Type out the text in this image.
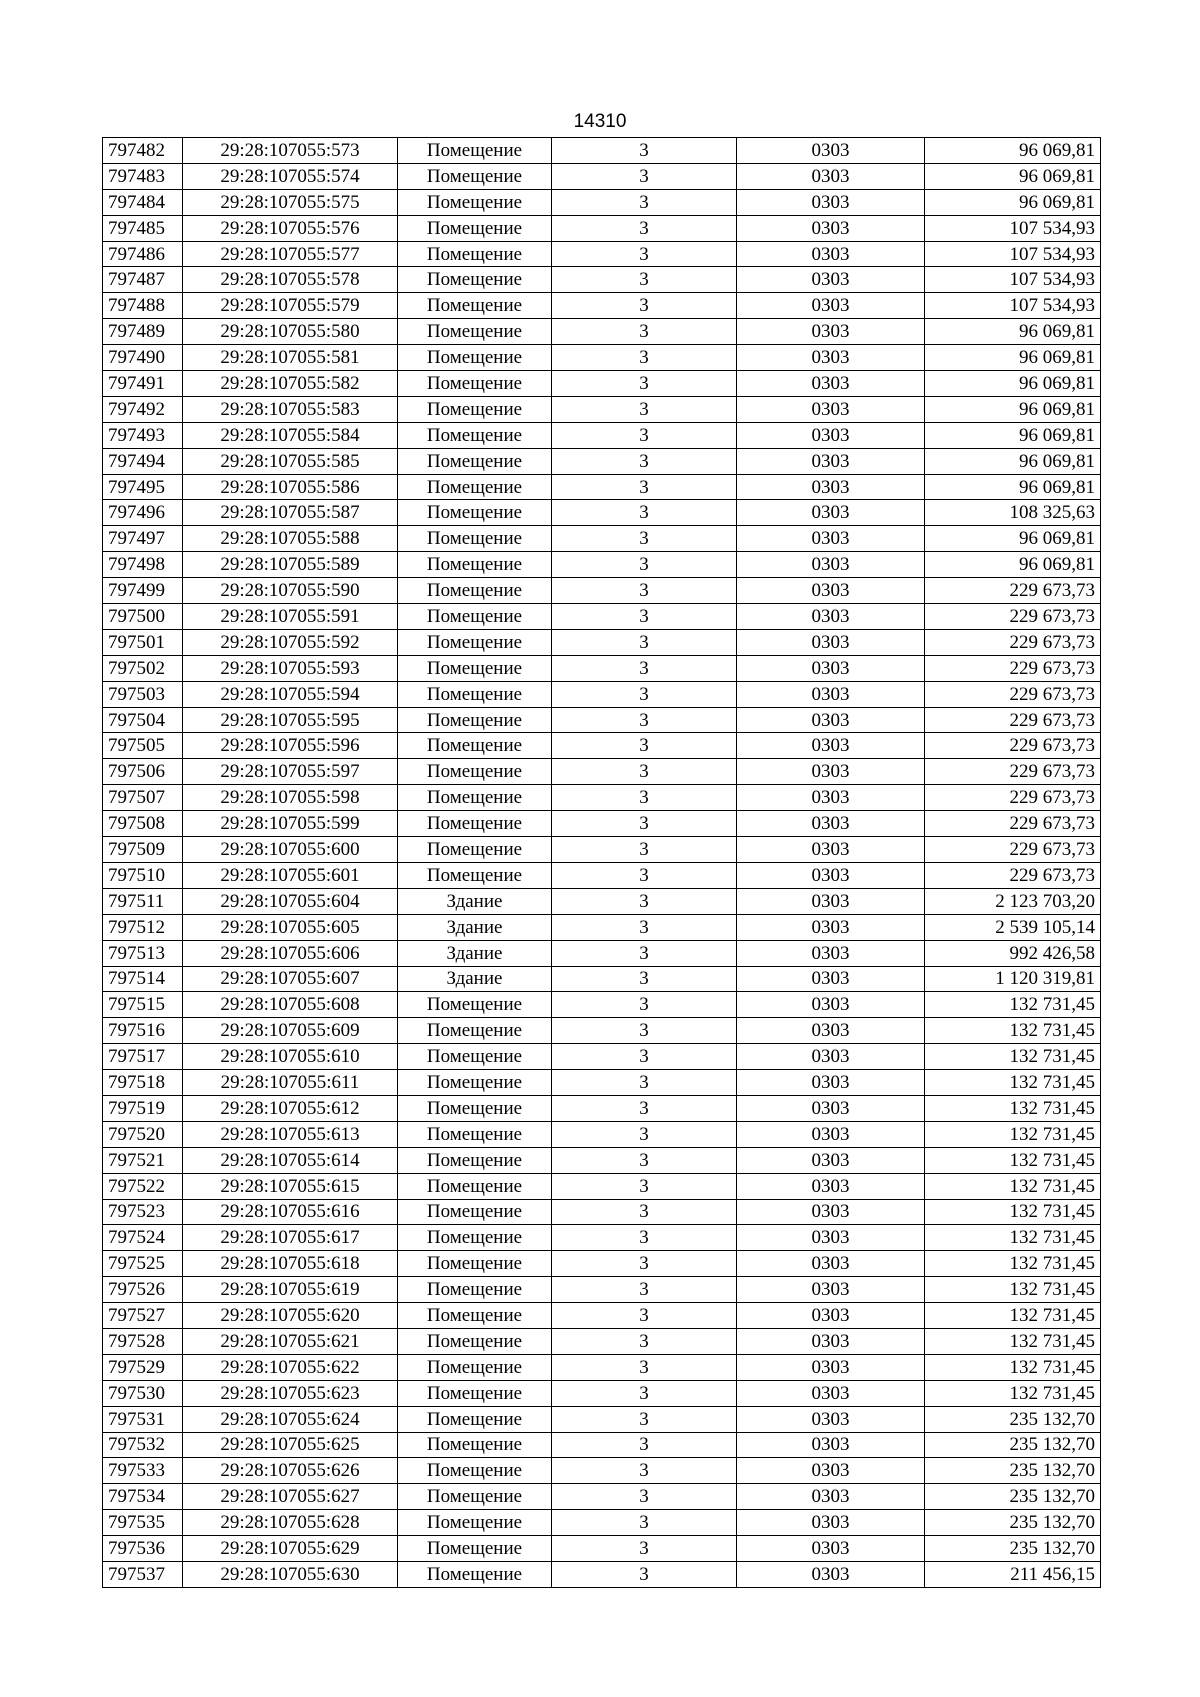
14310
797482	29:28:107055:573	Помещение	3	0303	96 069,81
797483	29:28:107055:574	Помещение	3	0303	96 069,81
797484	29:28:107055:575	Помещение	3	0303	96 069,81
797485	29:28:107055:576	Помещение	3	0303	107 534,93
797486	29:28:107055:577	Помещение	3	0303	107 534,93
797487	29:28:107055:578	Помещение	3	0303	107 534,93
797488	29:28:107055:579	Помещение	3	0303	107 534,93
797489	29:28:107055:580	Помещение	3	0303	96 069,81
797490	29:28:107055:581	Помещение	3	0303	96 069,81
797491	29:28:107055:582	Помещение	3	0303	96 069,81
797492	29:28:107055:583	Помещение	3	0303	96 069,81
797493	29:28:107055:584	Помещение	3	0303	96 069,81
797494	29:28:107055:585	Помещение	3	0303	96 069,81
797495	29:28:107055:586	Помещение	3	0303	96 069,81
797496	29:28:107055:587	Помещение	3	0303	108 325,63
797497	29:28:107055:588	Помещение	3	0303	96 069,81
797498	29:28:107055:589	Помещение	3	0303	96 069,81
797499	29:28:107055:590	Помещение	3	0303	229 673,73
797500	29:28:107055:591	Помещение	3	0303	229 673,73
797501	29:28:107055:592	Помещение	3	0303	229 673,73
797502	29:28:107055:593	Помещение	3	0303	229 673,73
797503	29:28:107055:594	Помещение	3	0303	229 673,73
797504	29:28:107055:595	Помещение	3	0303	229 673,73
797505	29:28:107055:596	Помещение	3	0303	229 673,73
797506	29:28:107055:597	Помещение	3	0303	229 673,73
797507	29:28:107055:598	Помещение	3	0303	229 673,73
797508	29:28:107055:599	Помещение	3	0303	229 673,73
797509	29:28:107055:600	Помещение	3	0303	229 673,73
797510	29:28:107055:601	Помещение	3	0303	229 673,73
797511	29:28:107055:604	Здание	3	0303	2 123 703,20
797512	29:28:107055:605	Здание	3	0303	2 539 105,14
797513	29:28:107055:606	Здание	3	0303	992 426,58
797514	29:28:107055:607	Здание	3	0303	1 120 319,81
797515	29:28:107055:608	Помещение	3	0303	132 731,45
797516	29:28:107055:609	Помещение	3	0303	132 731,45
797517	29:28:107055:610	Помещение	3	0303	132 731,45
797518	29:28:107055:611	Помещение	3	0303	132 731,45
797519	29:28:107055:612	Помещение	3	0303	132 731,45
797520	29:28:107055:613	Помещение	3	0303	132 731,45
797521	29:28:107055:614	Помещение	3	0303	132 731,45
797522	29:28:107055:615	Помещение	3	0303	132 731,45
797523	29:28:107055:616	Помещение	3	0303	132 731,45
797524	29:28:107055:617	Помещение	3	0303	132 731,45
797525	29:28:107055:618	Помещение	3	0303	132 731,45
797526	29:28:107055:619	Помещение	3	0303	132 731,45
797527	29:28:107055:620	Помещение	3	0303	132 731,45
797528	29:28:107055:621	Помещение	3	0303	132 731,45
797529	29:28:107055:622	Помещение	3	0303	132 731,45
797530	29:28:107055:623	Помещение	3	0303	132 731,45
797531	29:28:107055:624	Помещение	3	0303	235 132,70
797532	29:28:107055:625	Помещение	3	0303	235 132,70
797533	29:28:107055:626	Помещение	3	0303	235 132,70
797534	29:28:107055:627	Помещение	3	0303	235 132,70
797535	29:28:107055:628	Помещение	3	0303	235 132,70
797536	29:28:107055:629	Помещение	3	0303	235 132,70
797537	29:28:107055:630	Помещение	3	0303	211 456,15
